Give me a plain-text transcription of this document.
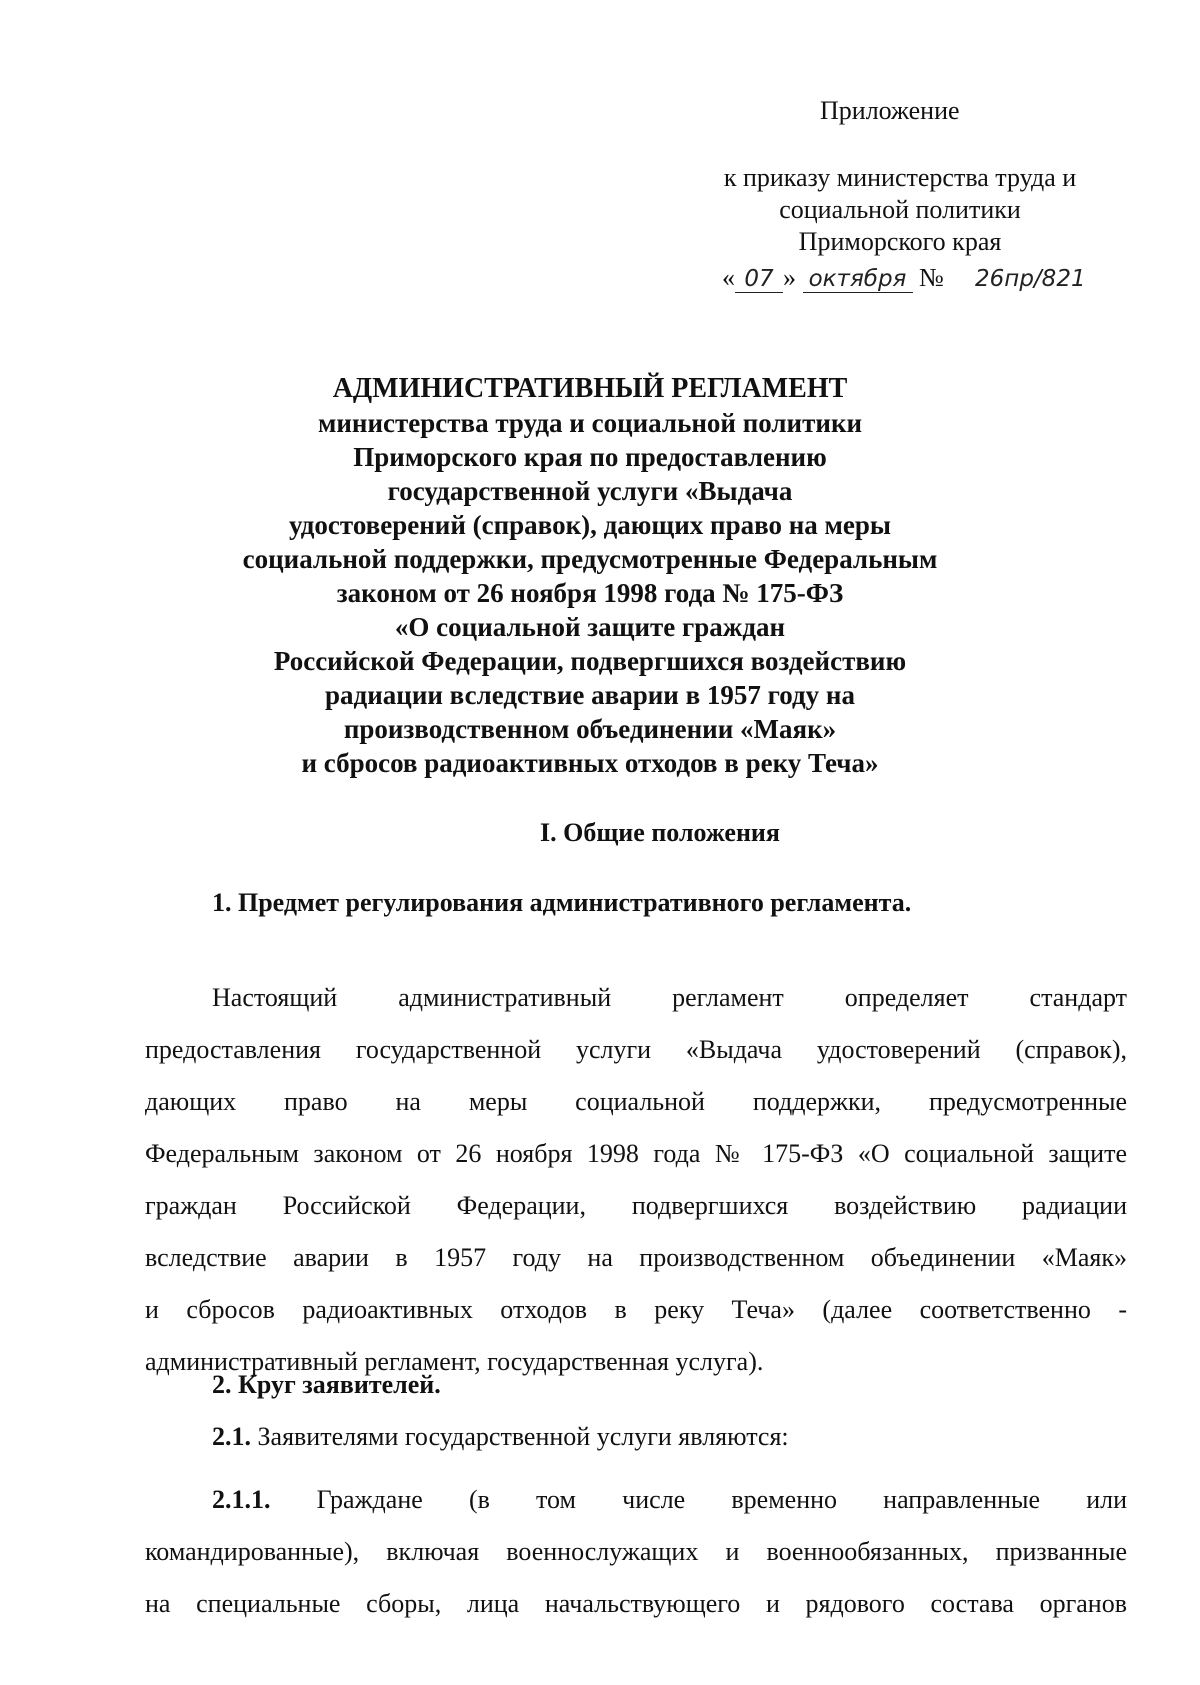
Приложение
к приказу министерства труда и
социальной политики
Приморского края
« 07 » октября № 26пр/821
АДМИНИСТРАТИВНЫЙ РЕГЛАМЕНТ
министерства труда и социальной политики
Приморского края по предоставлению
государственной услуги «Выдача
удостоверений (справок), дающих право на меры
социальной поддержки, предусмотренные Федеральным
законом от 26 ноября 1998 года № 175-ФЗ
«О социальной защите граждан
Российской Федерации, подвергшихся воздействию
радиации вследствие аварии в 1957 году на
производственном объединении «Маяк»
и сбросов радиоактивных отходов в реку Теча»
I. Общие положения
1. Предмет регулирования административного регламента.
Настоящий административный регламент определяет стандарт
предоставления государственной услуги «Выдача удостоверений (справок),
дающих право на меры социальной поддержки, предусмотренные
Федеральным законом от 26 ноября 1998 года № 175-ФЗ «О социальной защите
граждан Российской Федерации, подвергшихся воздействию радиации
вследствие аварии в 1957 году на производственном объединении «Маяк»
и сбросов радиоактивных отходов в реку Теча» (далее соответственно -
административный регламент, государственная услуга).
2. Круг заявителей.
2.1. Заявителями государственной услуги являются:
2.1.1. Граждане (в том числе временно направленные или
командированные), включая военнослужащих и военнообязанных, призванные
на специальные сборы, лица начальствующего и рядового состава органов
